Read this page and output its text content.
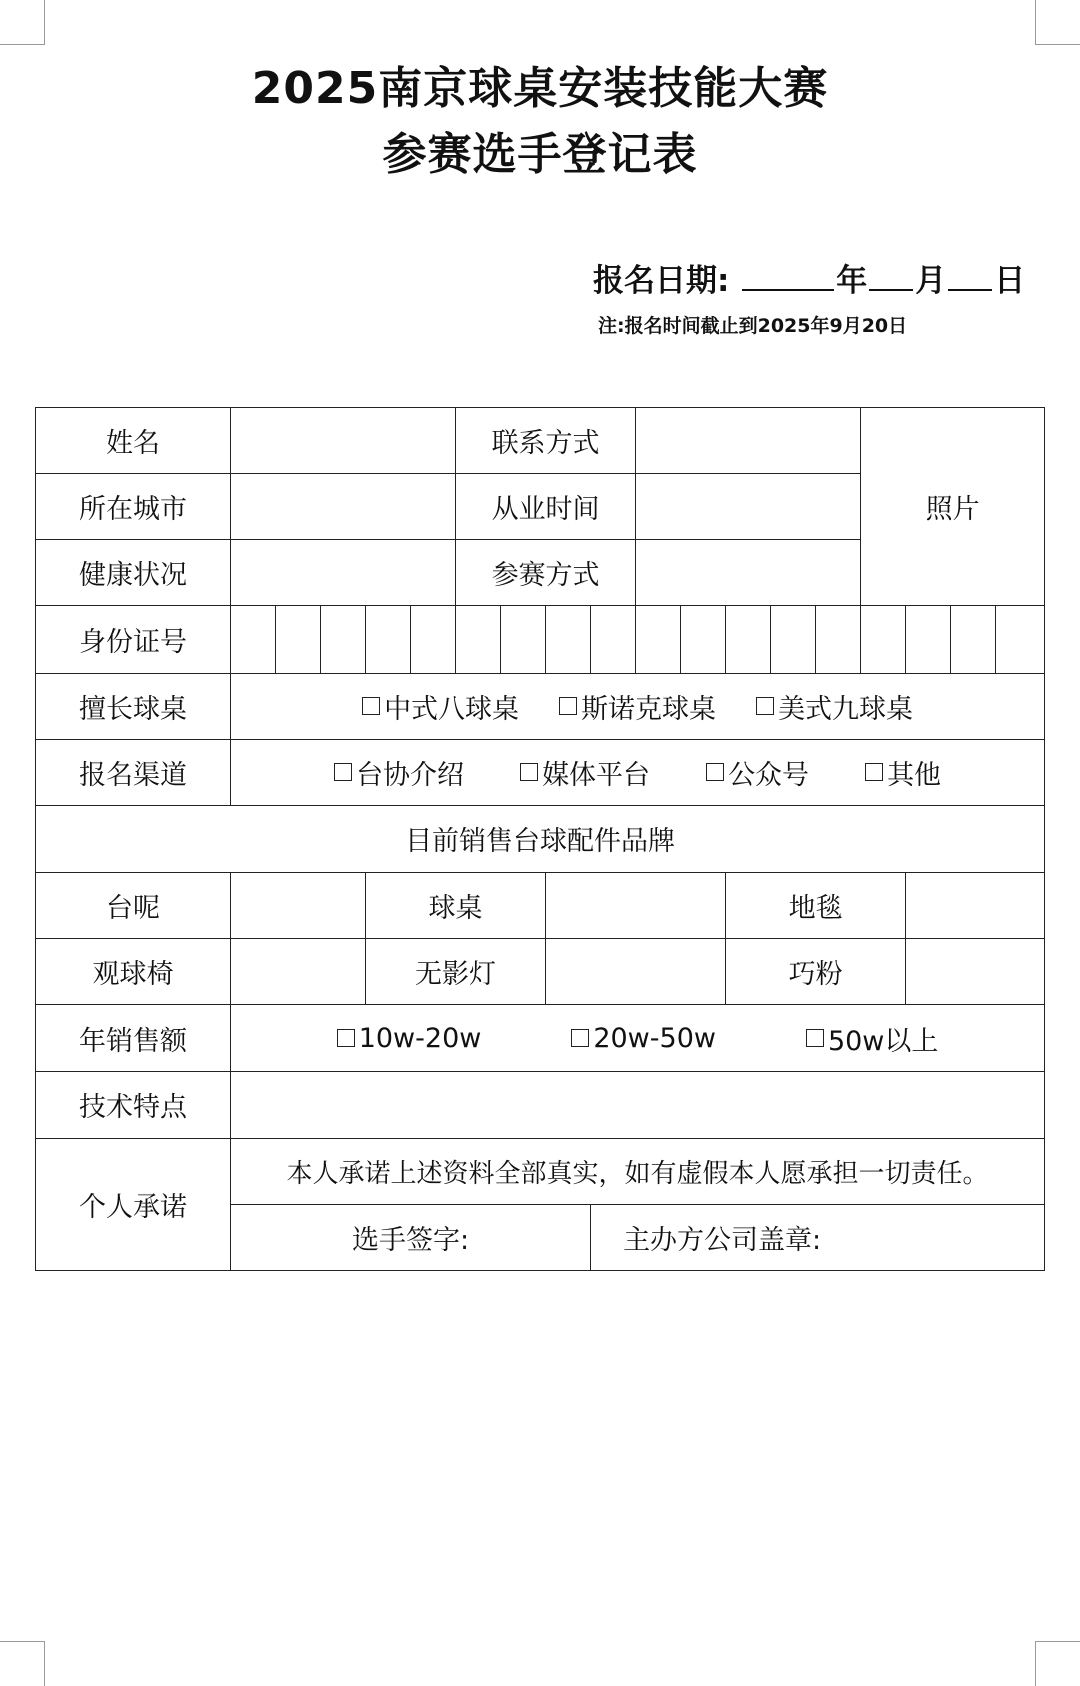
2025南京球桌安装技能大赛
参赛选手登记表
报名日期:	年 月 日
注:报名时间截止到2025年9月20日
姓名						联系方式									照片			
所在城市						从业时间												
健康状况						参赛方式												
身份证号																		
擅长球桌	中式八球桌 斯诺克球桌 美式九球桌																	

报名渠道	台协介绍 媒体平台 公众号 其他																	

目前销售台球配件品牌																		
台呢				球桌								地毯						
观球椅				无影灯								巧粉						
年销售额	10w-20w 20w-50w 50w以上																	

技术特点																		
个人承诺	本人承诺上述资料全部真实，如有虚假本人愿承担一切责任。																	
	选手签字:								主办方公司盖章:									
